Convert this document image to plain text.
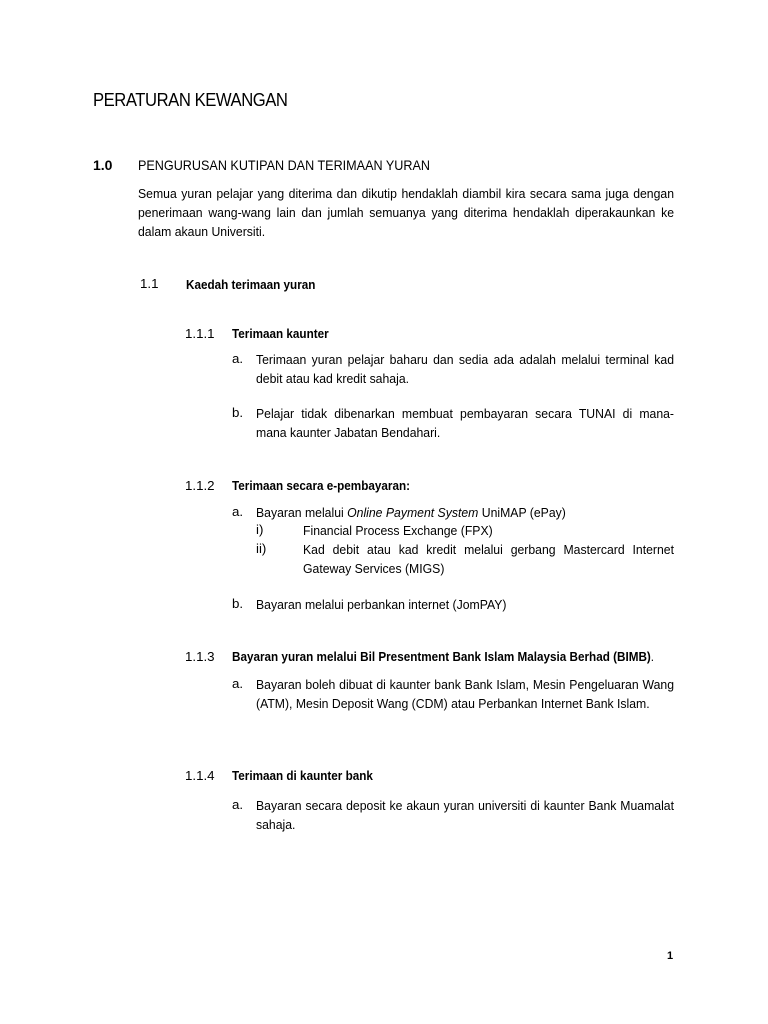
PERATURAN KEWANGAN
1.0 PENGURUSAN KUTIPAN DAN TERIMAAN YURAN
Semua yuran pelajar yang diterima dan dikutip hendaklah diambil kira secara sama juga dengan penerimaan wang-wang lain dan jumlah semuanya yang diterima hendaklah diperakaunkan ke dalam akaun Universiti.
1.1 Kaedah terimaan yuran
1.1.1 Terimaan kaunter
a. Terimaan yuran pelajar baharu dan sedia ada adalah melalui terminal kad debit atau kad kredit sahaja.
b. Pelajar tidak dibenarkan membuat pembayaran secara TUNAI di mana-mana kaunter Jabatan Bendahari.
1.1.2 Terimaan secara e-pembayaran:
a. Bayaran melalui Online Payment System UniMAP (ePay)
i)	Financial Process Exchange (FPX)
ii)	Kad debit atau kad kredit melalui gerbang Mastercard Internet Gateway Services (MIGS)
b. Bayaran melalui perbankan internet (JomPAY)
1.1.3 Bayaran yuran melalui Bil Presentment Bank Islam Malaysia Berhad (BIMB).
a. Bayaran boleh dibuat di kaunter bank Bank Islam, Mesin Pengeluaran Wang (ATM), Mesin Deposit Wang (CDM) atau Perbankan Internet Bank Islam.
1.1.4 Terimaan di kaunter bank
a. Bayaran secara deposit ke akaun yuran universiti di kaunter Bank Muamalat sahaja.
1
